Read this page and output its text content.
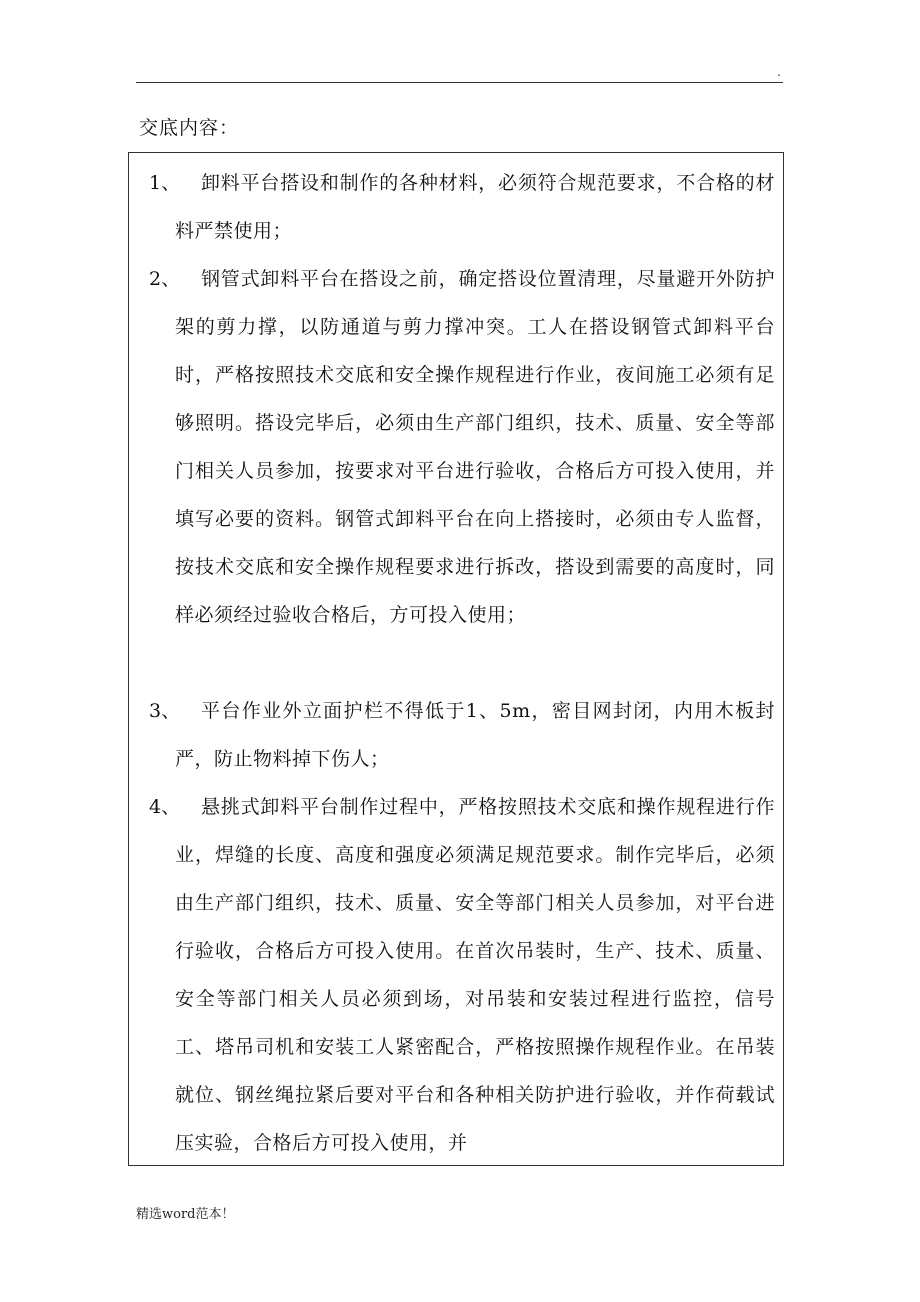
.
交底内容：
1、	卸料平台搭设和制作的各种材料，必须符合规范要求，不合格的材料严禁使用；
2、	钢管式卸料平台在搭设之前，确定搭设位置清理，尽量避开外防护架的剪力撑，以防通道与剪力撑冲突。工人在搭设钢管式卸料平台时，严格按照技术交底和安全操作规程进行作业，夜间施工必须有足够照明。搭设完毕后，必须由生产部门组织，技术、质量、安全等部门相关人员参加，按要求对平台进行验收，合格后方可投入使用，并填写必要的资料。钢管式卸料平台在向上搭接时，必须由专人监督，按技术交底和安全操作规程要求进行拆改，搭设到需要的高度时，同样必须经过验收合格后，方可投入使用；
3、	平台作业外立面护栏不得低于1、5m，密目网封闭，内用木板封严，防止物料掉下伤人；
4、	悬挑式卸料平台制作过程中，严格按照技术交底和操作规程进行作业，焊缝的长度、高度和强度必须满足规范要求。制作完毕后，必须由生产部门组织，技术、质量、安全等部门相关人员参加，对平台进行验收，合格后方可投入使用。在首次吊装时，生产、技术、质量、安全等部门相关人员必须到场，对吊装和安装过程进行监控，信号工、塔吊司机和安装工人紧密配合，严格按照操作规程作业。在吊装就位、钢丝绳拉紧后要对平台和各种相关防护进行验收，并作荷载试压实验，合格后方可投入使用，并
精选word范本！
